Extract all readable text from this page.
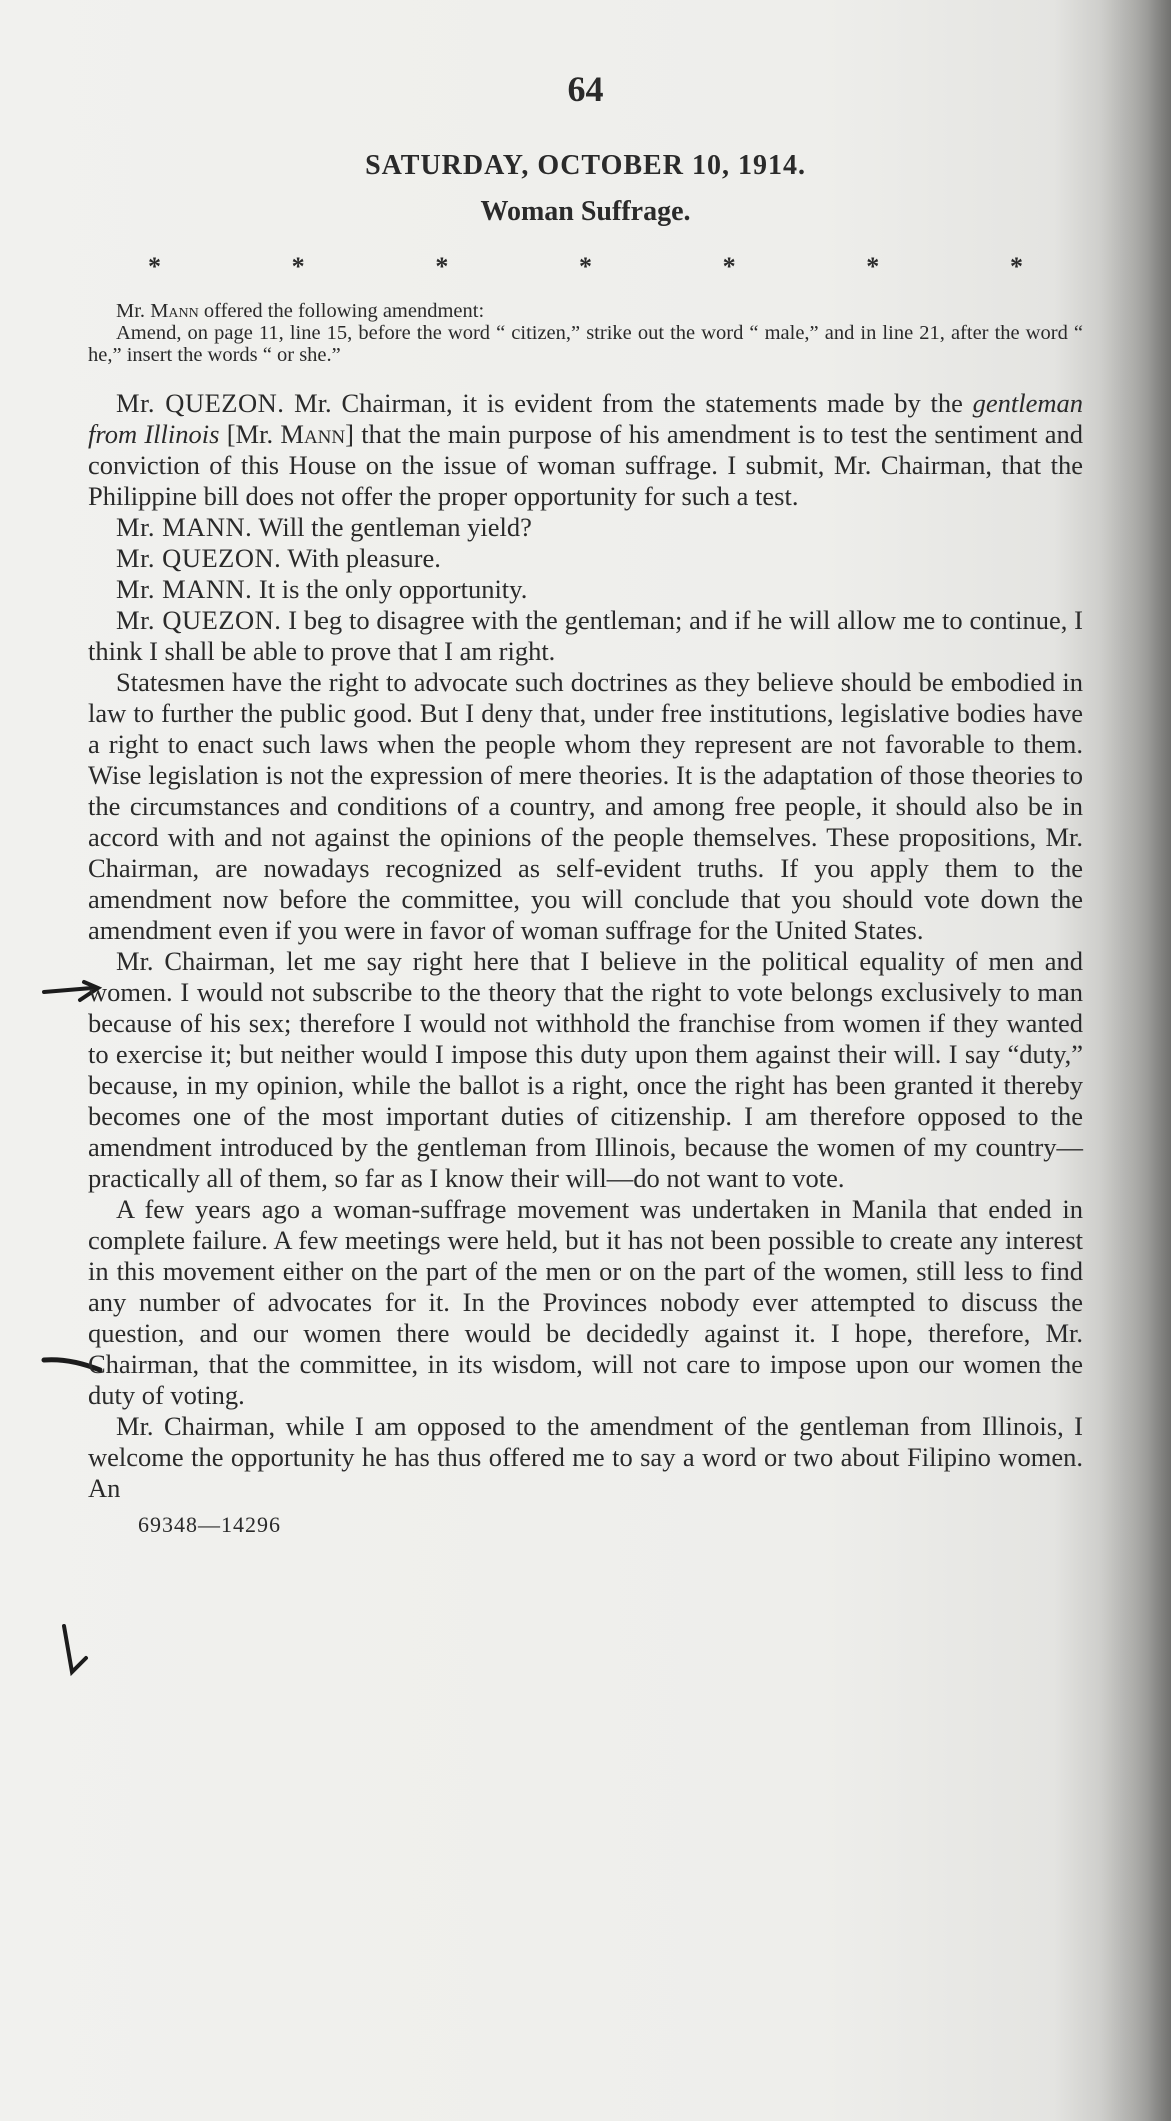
64
SATURDAY, OCTOBER 10, 1914.
Woman Suffrage.
*	*	*	*	*	*	*

Mr. Mann offered the following amendment:

Amend, on page 11, line 15, before the word “ citizen,” strike out the word “ male,” and in line 21, after the word “ he,” insert the words “ or she.”

Mr. QUEZON. Mr. Chairman, it is evident from the statements made by the gentleman from Illinois [Mr. Mann] that the main purpose of his amendment is to test the sentiment and conviction of this House on the issue of woman suffrage. I submit, Mr. Chairman, that the Philippine bill does not offer the proper opportunity for such a test.

Mr. MANN. Will the gentleman yield?

Mr. QUEZON. With pleasure.

Mr. MANN. It is the only opportunity.

Mr. QUEZON. I beg to disagree with the gentleman; and if he will allow me to continue, I think I shall be able to prove that I am right.

Statesmen have the right to advocate such doctrines as they believe should be embodied in law to further the public good. But I deny that, under free institutions, legislative bodies have a right to enact such laws when the people whom they represent are not favorable to them. Wise legislation is not the expression of mere theories. It is the adaptation of those theories to the circumstances and conditions of a country, and among free people, it should also be in accord with and not against the opinions of the people themselves. These propositions, Mr. Chairman, are nowadays recognized as self-evident truths. If you apply them to the amendment now before the committee, you will conclude that you should vote down the amendment even if you were in favor of woman suffrage for the United States.

Mr. Chairman, let me say right here that I believe in the political equality of men and women. I would not subscribe to the theory that the right to vote belongs exclusively to man because of his sex; therefore I would not withhold the franchise from women if they wanted to exercise it; but neither would I impose this duty upon them against their will. I say “duty,” because, in my opinion, while the ballot is a right, once the right has been granted it thereby becomes one of the most important duties of citizenship. I am therefore opposed to the amendment introduced by the gentleman from Illinois, because the women of my country—practically all of them, so far as I know their will—do not want to vote.

A few years ago a woman-suffrage movement was undertaken in Manila that ended in complete failure. A few meetings were held, but it has not been possible to create any interest in this movement either on the part of the men or on the part of the women, still less to find any number of advocates for it. In the Provinces nobody ever attempted to discuss the question, and our women there would be decidedly against it. I hope, therefore, Mr. Chairman, that the committee, in its wisdom, will not care to impose upon our women the duty of voting.

Mr. Chairman, while I am opposed to the amendment of the gentleman from Illinois, I welcome the opportunity he has thus offered me to say a word or two about Filipino women. An

69348—14296
